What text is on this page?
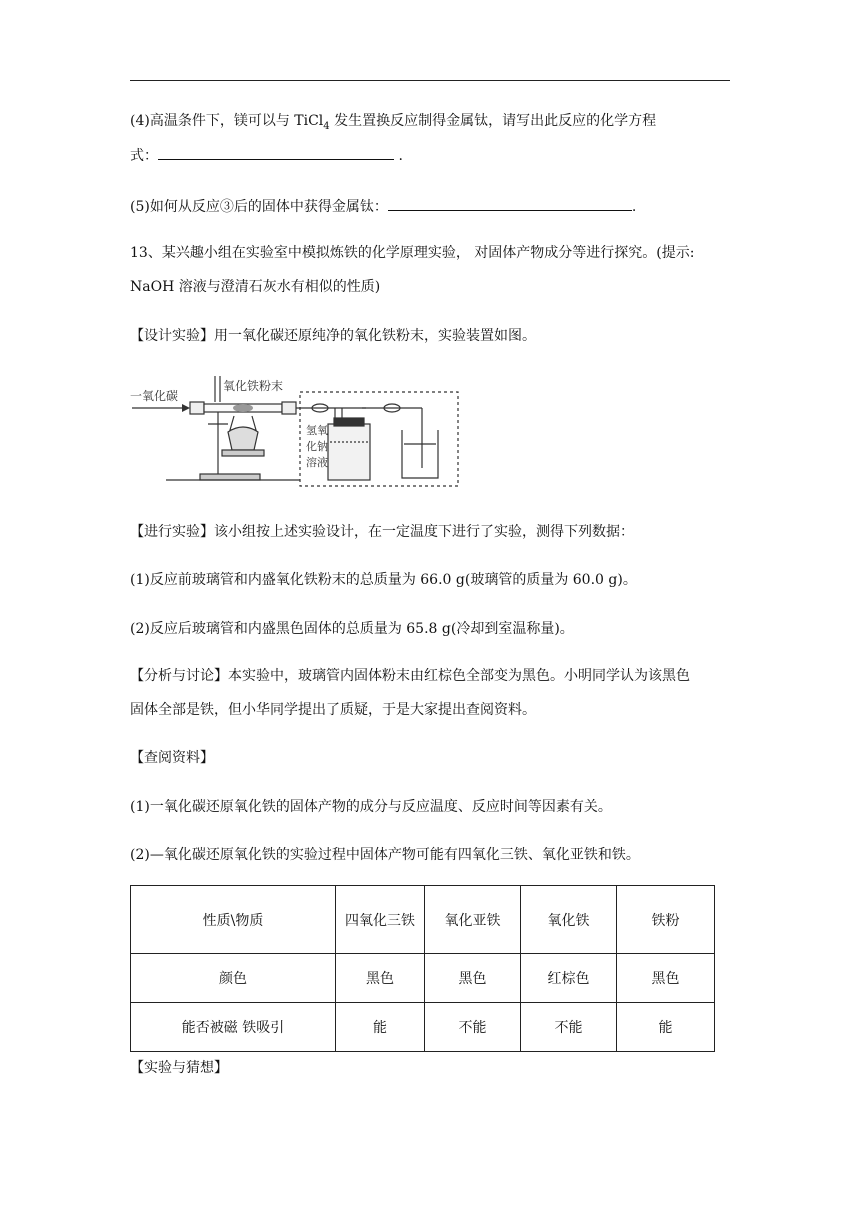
(4)高温条件下，镁可以与 TiCl$_4$ 发生置换反应制得金属钛，请写出此反应的化学方程
式：	.
(5)如何从反应③后的固体中获得金属钛：	.
13、某兴趣小组在实验室中模拟炼铁的化学原理实验， 对固体产物成分等进行探究。(提示:
NaOH 溶液与澄清石灰水有相似的性质)
【设计实验】用一氧化碳还原纯净的氧化铁粉末，实验装置如图。
一氧化碳
氧化铁粉末
氢氧
化钠
溶液
【进行实验】该小组按上述实验设计，在一定温度下进行了实验，测得下列数据：
(1)反应前玻璃管和内盛氧化铁粉末的总质量为 66.0 g(玻璃管的质量为 60.0 g)。
(2)反应后玻璃管和内盛黑色固体的总质量为 65.8 g(冷却到室温称量)。
【分析与讨论】本实验中，玻璃管内固体粉末由红棕色全部变为黑色。小明同学认为该黑色
固体全部是铁，但小华同学提出了质疑，于是大家提出查阅资料。
【查阅资料】
(1)一氧化碳还原氧化铁的固体产物的成分与反应温度、反应时间等因素有关。
(2)—氧化碳还原氧化铁的实验过程中固体产物可能有四氧化三铁、氧化亚铁和铁。
性质\物质	四氧化三铁	氧化亚铁	氧化铁	铁粉
颜色	黑色	黑色	红棕色	黑色
能否被磁 铁吸引	能	不能	不能	能
【实验与猜想】
